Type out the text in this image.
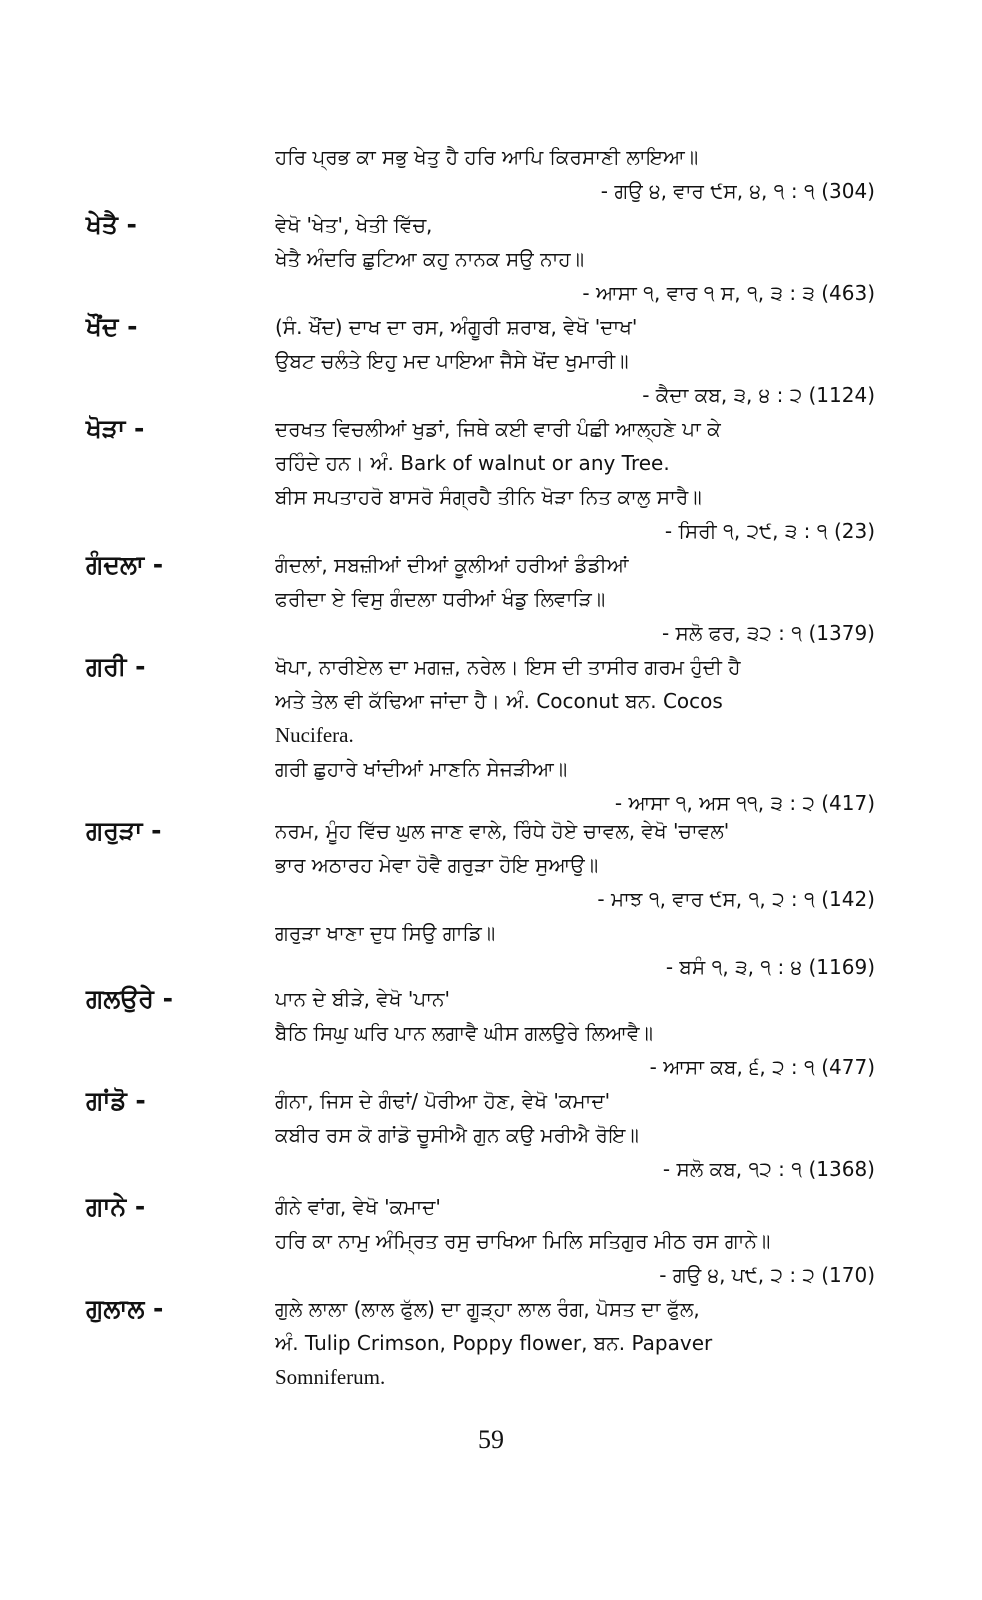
ਹਰਿ ਪ੍ਰਭ ਕਾ ਸਭੁ ਖੇਤੁ ਹੈ ਹਰਿ ਆਪਿ ਕਿਰਸਾਣੀ ਲਾਇਆ॥
- ਗਉ ੪, ਵਾਰ ੯ਸ, ੪, ੧ : ੧ (304)
ਖੇਤੈ -	ਵੇਖੋ 'ਖੇਤ', ਖੇਤੀ ਵਿੱਚ,
ਖੇਤੈ ਅੰਦਰਿ ਛੁਟਿਆ ਕਹੁ ਨਾਨਕ ਸਉ ਨਾਹ॥
- ਆਸਾ ੧, ਵਾਰ ੧ ਸ, ੧, ੩ : ੩ (463)
ਖੌਂਦ -	(ਸੰ. ਖੌਂਦ) ਦਾਖ ਦਾ ਰਸ, ਅੰਗੂਰੀ ਸ਼ਰਾਬ, ਵੇਖੋ 'ਦਾਖ'
ਉਬਟ ਚਲੰਤੇ ਇਹੁ ਮਦ ਪਾਇਆ ਜੈਸੇ ਖੋਂਦ ਖੁਮਾਰੀ॥
- ਕੈਦਾ ਕਬ, ੩, ੪ : ੨ (1124)
ਖੋੜਾ -	ਦਰਖਤ ਵਿਚਲੀਆਂ ਖੁਡਾਂ, ਜਿਥੇ ਕਈ ਵਾਰੀ ਪੰਛੀ ਆਲ੍ਹਣੇ ਪਾ ਕੇ
ਰਹਿੰਦੇ ਹਨ। ਅੰ. Bark of walnut or any Tree.
ਬੀਸ ਸਪਤਾਹਰੋ ਬਾਸਰੋ ਸੰਗ੍ਰਹੈ ਤੀਨਿ ਖੋੜਾ ਨਿਤ ਕਾਲੁ ਸਾਰੈ॥
- ਸਿਰੀ ੧, ੨੯, ੩ : ੧ (23)
ਗੰਦਲਾ -	ਗੰਦਲਾਂ, ਸਬਜ਼ੀਆਂ ਦੀਆਂ ਕੂਲੀਆਂ ਹਰੀਆਂ ਡੰਡੀਆਂ
ਫਰੀਦਾ ਏ ਵਿਸੁ ਗੰਦਲਾ ਧਰੀਆਂ ਖੰਡੁ ਲਿਵਾੜਿ॥
- ਸਲੋ ਫਰ, ੩੨ : ੧ (1379)
ਗਰੀ -	ਖੋਪਾ, ਨਾਰੀਏਲ ਦਾ ਮਗਜ਼, ਨਰੇਲ। ਇਸ ਦੀ ਤਾਸੀਰ ਗਰਮ ਹੁੰਦੀ ਹੈ
ਅਤੇ ਤੇਲ ਵੀ ਕੱਢਿਆ ਜਾਂਦਾ ਹੈ। ਅੰ. Coconut ਬਨ. Cocos
Nucifera.
ਗਰੀ ਛੁਹਾਰੇ ਖਾਂਦੀਆਂ ਮਾਣਨਿ ਸੇਜੜੀਆ॥
- ਆਸਾ ੧, ਅਸ ੧੧, ੩ : ੨ (417)
ਗਰੁੜਾ -	ਨਰਮ, ਮੂੰਹ ਵਿੱਚ ਘੁਲ ਜਾਣ ਵਾਲੇ, ਰਿੰਧੇ ਹੋਏ ਚਾਵਲ, ਵੇਖੋ 'ਚਾਵਲ'
ਭਾਰ ਅਠਾਰਹ ਮੇਵਾ ਹੋਵੈ ਗਰੁੜਾ ਹੋਇ ਸੁਆਉ॥
- ਮਾਝ ੧, ਵਾਰ ੯ਸ, ੧, ੨ : ੧ (142)
ਗਰੁੜਾ ਖਾਣਾ ਦੁਧ ਸਿਉ ਗਾਡਿ॥
- ਬਸੰ ੧, ੩, ੧ : ੪ (1169)
ਗਲਉਰੇ -	ਪਾਨ ਦੇ ਬੀੜੇ, ਵੇਖੋ 'ਪਾਨ'
ਬੈਠਿ ਸਿਘੁ ਘਰਿ ਪਾਨ ਲਗਾਵੈ ਘੀਸ ਗਲਉਰੇ ਲਿਆਵੈ॥
- ਆਸਾ ਕਬ, ੬, ੨ : ੧ (477)
ਗਾਂਡੋ -	ਗੰਨਾ, ਜਿਸ ਦੇ ਗੰਢਾਂ/ ਪੋਰੀਆ ਹੋਣ, ਵੇਖੋ 'ਕਮਾਦ'
ਕਬੀਰ ਰਸ ਕੋ ਗਾਂਡੋ ਚੂਸੀਐ ਗੁਨ ਕਉ ਮਰੀਐ ਰੋਇ॥
- ਸਲੋ ਕਬ, ੧੨ : ੧ (1368)
ਗਾਨੇ -	ਗੰਨੇ ਵਾਂਗ, ਵੇਖੋ 'ਕਮਾਦ'
ਹਰਿ ਕਾ ਨਾਮੁ ਅੰਮ੍ਰਿਤ ਰਸੁ ਚਾਖਿਆ ਮਿਲਿ ਸਤਿਗੁਰ ਮੀਠ ਰਸ ਗਾਨੇ॥
- ਗਉ ੪, ਪ੯, ੨ : ੨ (170)
ਗੁਲਾਲ -	ਗੁਲੇ ਲਾਲਾ (ਲਾਲ ਫੁੱਲ) ਦਾ ਗੂੜ੍ਹਾ ਲਾਲ ਰੰਗ, ਪੋਸਤ ਦਾ ਫੁੱਲ,
ਅੰ. Tulip Crimson, Poppy flower, ਬਨ. Papaver
Somniferum.
59
